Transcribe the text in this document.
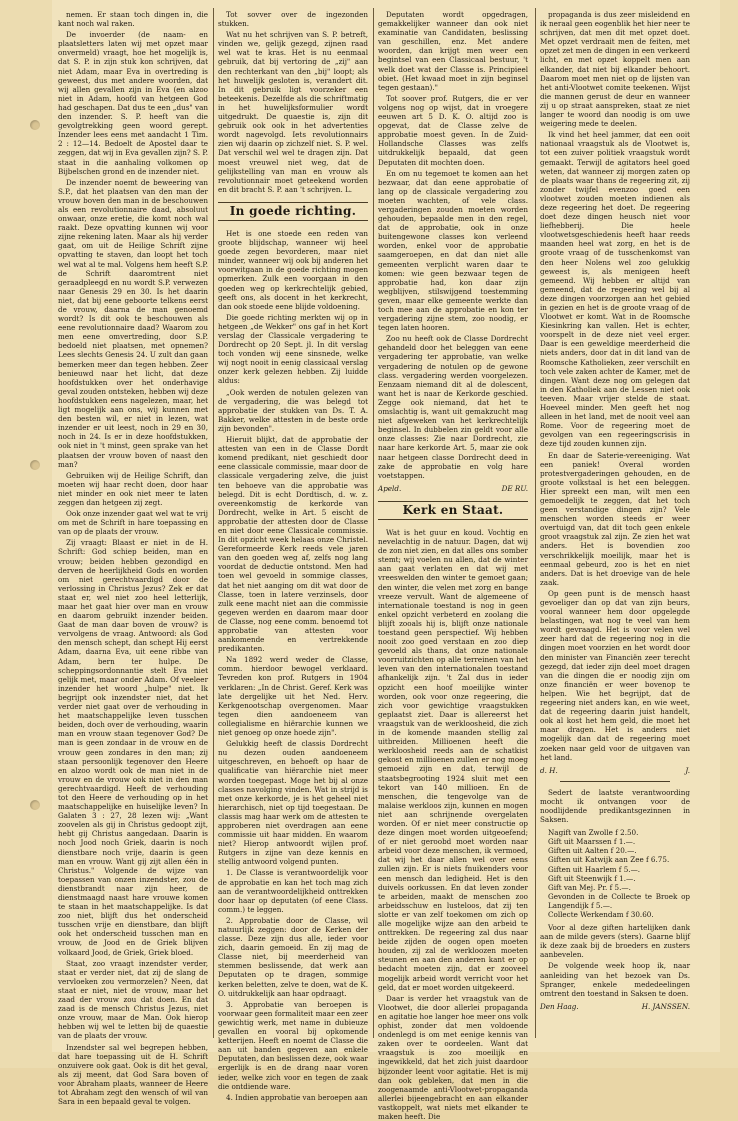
nemen. Er staan toch dingen in, die kant noch wal raken.

De invoerder (de naam- en plaatsletters laten wij met opzet maar onvermeld) vraagt, hoe het mogelijk is, dat S. P. in zijn stuk kon schrijven, dat niet Adam, maar Eva in overtreding is geweest, dus met andere woorden, dat wij allen gevallen zijn in Eva (en alzoo niet in Adam, hoofd van hetgeen God had geschapen. Dat dus te een „dus" van den inzender. S. P. heeft van die gevolgtrekking geen woord gerept. Inzender lees eens met aandacht 1 Tim. 2 : 12—14. Bedoelt de Apostel daar te zeggen, dat wij in Eva gevallen zijn? S. P. staat in die aanhaling volkomen op Bijbelschen grond en de inzender niet.

De inzender noemt de beweering van S.P., dat het plaatsen van den man der vrouw boven den man in de beschouwen als een revolutionnaire daad, absoluut onwaar, onze eretie, die komt noch wal raakt. Deze opvatting kunnen wij voor zijne rekening laten. Maar als hij verder gaat, om uit de Heilige Schrift zijne opvatting te staven, dan loopt het toch wel wat al te mal. Volgens hem heeft S.P. de Schrift daaromtrent niet geraadpleegd en nu wordt S.P. verwezen naar Genesis 29 en 30. Is het daarin niet, dat bij eene geboorte telkens eerst de vrouw, daarna de man genoemd wordt? Is dit ook te beschouwen als eene revolutionnaire daad? Waarom zou men eene omvertreding, door S.P. bedoeld niet plaatsen, met opnemen? Lees slechts Genesis 24. U zult dan gaan bemerken meer dan tegen hebben. Zeer benieuwd naar het licht, dat deze hoofdstukken over het onderhavige geval zouden ontsteken, hebben wij deze hoofdstukken eens nagelezen, maar, het ligt mogelijk aan ons, wij kunnen met den besten wil, er niet in lezen, wat inzender er uit leest, noch in 29 en 30, noch in 24. Is er in deze hoofdstukken, ook niet in 't minst, geen sprake van het plaatsen der vrouw boven of naast den man?

Gebruiken wij de Heilige Schrift, dan moeten wij haar recht doen, door haar niet minder en ook niet meer te laten zeggen dan hetgeen zij zegt.

Ook onze inzender gaat wel wat te vrij om met de Schrift in hare toepassing en van op de plaats der vrouw.

Zij vraagt: Blaast er niet in de H. Schrift: God schiep beiden, man en vrouw; beiden hebben gezondigd en derven de heerlijkheid Gods en worden om niet gerechtvaardigd door de verlossing in Christus Jezus? Zek er dat staat er, wel niet zoo heel letterlijk, maar het gaat hier over man en vrouw en daarom gebruikt inzender beiden. Gaat de man daar boven de vrouw? is vervolgens de vraag. Antwoord: als God den mensch schept, dan schept Hij eerst Adam, daarna Eva, uit eene ribbe van Adam, bern ter hulpe. De scheppingsordonnantie stelt Eva niet gelijk met, maar onder Adam. Of veeleer inzender het woord „hulpe" niet. Ik begrijpt ook inzendster niet, dat het verder niet gaat over de verhouding in het maatschappelijke leven tusschen beiden, doch over de verhouding, waarin man en vrouw staan tegenover God? De man is geen zondaar in de vrouw en de vrouw geen zondares in den man; zij staan persoonlijk tegenover den Heere en alzoo wordt ook de man niet in de vrouw en de vrouw ook niet in den man gerechtvaardigd. Heeft de verhouding tot den Heere de verhouding op in het maatschappelijke en huiselijke leven? In Galaten 3 : 27, 28 lezen wij: „Want zoovelen als gij in Christus gedoopt zijt, hebt gij Christus aangedaan. Daarin is noch Jood noch Griek, daarin is noch dienstbare noch vrije, daarin is geen man en vrouw. Want gij zijt allen één in Christus." Volgende de wijze van toepassen van onzen inzendster, zou de dienstbrandt naar zijn heer, de dienstmaagd naast hare vrouwe komen te staan in het maatschappelijke. Is dat zoo niet, blijft dus het onderscheid tusschen vrije en dienstbare, dan blijft ook het onderscheid tusschen man en vrouw, de Jood en de Griek blijven volkaard Jood, de Griek, Griek bloed.

Staat, zoo vraagt inzendster verder, staat er verder niet, dat zij de slang de vervloeken zou vermorzelen? Neen, dat staat er niet, niet de vrouw, maar het zaad der vrouw zou dat doen. En dat zaad is de mensch Christus Jezus, niet onze vrouw, maar de Man. Ook hierop hebben wij wel te letten bij de quaestie van de plaats der vrouw.

Inzendster sal wel begrepen hebben, dat hare toepassing uit de H. Schrift onzuivere ook gaat. Ook is dit het geval, als zij meent, dat God Sara boven of voor Abraham plaats, wanneer de Heere tot Abraham zegt den wensch of wil van Sara in een bepaald geval te volgen.

Tot sovver over de ingezonden stukken.

Wat nu het schrijven van S. P. betreft, vinden we, gelijk gezegd, zijnen raad wel wat te kras. Het is nu eenmaal gebruik, dat bij vertoring de „zij" aan den rechterkant van den „bij" loopt; als het huwelijk gesloten is, verandert dit. In dit gebruik ligt voorzeker een beteekenis. Dezelfde als die schriftmatig in het huwelijksformulier wordt uitgedrukt. De quaestie is, zijn dit gebruik ook ook in het advertenties wordt nagevolgd. Iets revolutionnairs zien wij daarin op zichzelf niet. S. P. wel. Dat verschil wel wel te dragen zijn. Dat moest vreuwel niet weg, dat de gelijkstelling van man en vrouw als revolutionnair moet geteekend worden en dit bracht S. P. aan 't schrijven. L.

In goede richting.

Het is one stoede een reden van groote blijdschap, wanneer wij heel goede zegen bevorderen, maar niet minder, wanneer wij ook bij anderen het voorwitgaan in de goede richting mogen opmerken. Zulk een voorgaan in den goeden weg op kerkrechtelijk gebied, geeft ons, als docent in het kerkrecht, dan ook stoede eene blijde voldoening.

Die goede richting merkten wij op in hetgeen „de Wekker" ons gaf in het Kort verslag der Classicale vergadering te Dordrecht op 20 Sept. jl. In dit verslag toch vonden wij eene sinsnede, welke wij nogt nooit in eenig classicaal verslag onzer kerk gelezen hebben. Zij luidde aldus:

„Ook werden de notulen gelezen van de vergadering, die was belegd tot approbatie der stukken van Ds. T. A. Bakker, welke attesten in de beste orde zijn bevonden".

Hieruit blijkt, dat de approbatie der attesten van een in de Classe Dordt komend predikant, niet geschiedt door eene classicale commissie, maar door de classicale vergadering zelve, die juist ten behoeve van die approbatie was belegd. Dit is echt Dordtisch, d. w. z. overeenkomstig de kerkorde van Dordrecht, welke in Art. 5 eischt de approbatie der attesten door de Classe en niet door eene Classicale commissie. In dit opzicht week helaas onze Christel. Gereformeerde Kerk reeds vele jaren van den goeden weg af, zelfs nog lang voordat de deductie ontstond. Men had toen wel gevoeld in sommige classes, dat het niet aanging om dit wat door de Classe, toen in latere verzinsels, door zulk eene macht niet aan die commissie gegeven werden en daarom maar door de Classe, nog eene comm. benoemd tot approbatie van attesten voor aankomende en vertrekkende predikanten.

Na 1892 werd weder de Classe, comm. hierdoor bewogel verklaard. Tevreden kon prof. Rutgers in 1904 verklaren: „In de Christ. Geref. Kerk was late dergelijke uit het Ned. Herv. Kerkgenootschap overgenomen. Maar tegen dien aandoeneem van collegialisme en hiërarchie kunnen we niet genoeg op onze hoede zijn".

Gelukkig heeft de classis Dordrecht nu dezen ouden aandoeneem uitgeschreven, en behoeft op haar de qualificatie van hiërarchie niet meer worden toegepast. Moge het bij al onze classes navolging vinden. Wat in strijd is met onze kerkorde, je is het geheel niet hierarchisch, niet op tijd toegestaan. De classis mag haar werk om de attesten te approberen niet overdragen aan eene commissie uit haar midden. En waarom niet? Hierop antwoordt wijlen prof. Rutgers in zijne van deze kennis en stellig antwoord volgend punten.

1. De Classe is verantwoordelijk voor de approbatie en kan het toch mag zich aan de verantwoordelijkheid onttrekken door haar op deputaten (of eene Class. comm.) te leggen.

2. Approbatie door de Classe, wil natuurlijk zeggen: door de Kerken der classe. Deze zijn dus alle, ieder voor zich, daarin gemoeid. En zij mag de Classe niet, bij meerderheid van stemmen beslissende, dat werk aan Deputaten op te dragen, sommige kerken beletten, zelve te doen, wat de K. O. uitdrukkelijk aan haar opdraagt.

3. Approbatie van beroepen is voorwaar geen formaliteit maar een zeer gewichtig werk, met name in dubieuze gevallen en vooral bij opkomende ketterijen. Heeft en noemt de Classe die aan uit banden gegeven aan enkele Deputaten, dan beslissen deze, ook waar ergerlijk is en de drang naar voren ieder, welke zich voor en tegen de zaak die ontdiende ware.

4. Indien approbatie van beroepen aan

Deputaten wordt opgedragen, gemakkelijker wanneer dan ook niet examinatie van Candidaten, beslissing van geschillen, enz. Met andere woorden, dan krijgt men weer een begintsel van een Classicaal bestuur, 't welk doet wat der Classe is. Principieel obiet. (Het kwaad moet in zijn beginsel tegen gestaan)."

Tot soover prof. Rutgers, die er ver volgens nog op wijst, dat in vroegere eeuwen art 5 D. K. O. altijd zoo is opgevat, dat de Classe zelve de approbatie moest geven. In de Zuid-Hollandsche Classes was zelfs uitdrukkelijk bepaald, dat geen Deputaten dit mochten doen.

En om nu tegemoet te komen aan het bezwaar, dat dan eene approbatie of lang op de classicale vergadering zou moeten wachten, of vele class. vergaderingen zouden moeten worden gehouden, bepaalde men in den regel, dat de approbatie, ook in onze buitengewone classes kon verleend worden, enkel voor de approbatie saamgeroepen, en dat dan niet alle gemeenten verplicht waren daar te komen: wie geen bezwaar tegen de approbatie had, kon daar zijn wegblijven, stilswijgend toestemming geven, maar elke gemeente werkte dan toch mee aan de approbatie en kon ter vergadering zijne stem, zoo noodig, er tegen laten hooren.

Zoo nu heeft ook de Classe Dordrecht gehandeld door het beleggen van eene vergadering ter approbatie, van welke vergadering de notulen op de gewone class. vergadering werden voorgelezen. Eenzaam niemand dit al de dolescent, want het is naar de Kerkorde geschied. Zegge ook niemand, dat het te omslachtig is, want uit gemakzucht mag niet afgeweken van het kerkrechtelijk beginsel. In dubbelen zin geldt voor alle onze classes: Zie naar Dordrecht, zie naar hare kerkorde Art. 5, maar zie ook naar hetgeen classe Dordrecht deed in zake de approbatie en volg hare voetstappen.

Apeld.	DE RU.
Kerk en Staat.

Wat is het guur en koud. Vochtig en nevelachtig in de natuur. Dagen, dat wij de zon niet zien, en dat alles ons somber stemt; wij voelen nu allen, dat de winter aan gaat verlaten en dat wij met vreeswelden den winter te gemoet gaan; den winter, die velen met zorg en bange vreeze vervult. Want de algemeene of internationale toestand is nog in geen enkel opzicht verbeterd en zoolang die blijft zooals hij is, blijft onze nationale toestand geen perspectief. Wij hebben nooit zoo goed verstaan en zoo diep gevoeld als thans, dat onze nationale voorruitzichten op alle terreinen van het leven van den internationalen toestand afhankelijk zijn. 't Zal dus in ieder opzicht een hoof moeilijke winter worden, ook voor onze regeering, die zich voor gewichtige vraagstukken geplaatst ziet. Daar is allereerst het vraagstuk van de werkloosheid, die zich in de komende maanden stellig zal uitbreiden. Millioenen heeft die werkloosheid reeds aan de schatkist gekost en millioenen zullen er nog moeg gemoeid zijn en dat, terwijl de staatsbegrooting 1924 sluit met een tekort van 140 millioen. En de menschen, die tengevolge van de malaise werkloos zijn, kunnen en mogen niet aan schrijnende overgelaten worden. Of er niet meer constructie op deze dingen moet worden uitgeoefend; of er niet geroobd moet worden naar arbeid voor deze menschen, ik vermoed, dat wij het daar allen wel over eens zullen zijn. Er is niets fnuikenders voor een mensch dan ledigheid. Het is den duivels oorkussen. En dat leven zonder te arbeiden, maakt de menschen zoo arbeidsschuw en lusteloos, dat zij ten slotte er van zelf toekomen om zich op alle mogelijke wijze aan den arbeid te onttrekken. De regeering zal dus naar beide zijden de oogen open moeten houden, zij zal de werkloozen moeten steunen en aan den anderen kant er op bedacht moeten zijn, dat er zooveel mogelijk arbeid wordt verricht voor het geld, dat er moet worden uitgekeerd.

Daar is verder het vraagstuk van de Vlootwet, die door allerlei propaganda en agitatie hoe langer hoe meer ons volk ophist, zonder dat men voldoende ondenlegd is om met eenige kennis van zaken over te oordeelen. Want dat vraagstuk is zoo moeilijk en ingewikkeld, dat het zich juist daardoor bijzonder leent voor agitatie. Het is mij dan ook gebleken, dat men in die zoogenaamde anti-Vlootwet-propaganda allerlei bijeengebracht en aan elkander vastkoppelt, wat niets met elkander te maken heeft. Die

propaganda is dus zeer misleidend en ik neraal geen eogenblik het hier neer te schrijven, dat men dit met opzet doet. Met opzet verdraait men de feiten, met opzet zet men de dingen in een verkeerd licht, en met opzet koppelt men aan elkander, dat niet bij elkander behoort. Daarom moet men niet op de lijsten van het anti-Vlootwet comite teekenen. Wijst die mannen gerust de deur en wanneer zij u op straat aanspreken, staat ze niet langer te woord dan noodig is om uwe weigering mede te deelen.

Ik vind het heel jammer, dat een ooit nationaal vraagstuk als de Vlootwet is, tot een zuiver politiek vraagstuk wordt gemaakt. Terwijl de agitators heel goed weten, dat wanneer zij morgen zaten op de plaats waar thans de regeering zit, zij zonder twijfel evenzoo goed een vlootwet zouden moeten indienen als deze regeering het doet. De regeering doet deze dingen heusch niet voor liefhebberij. Die heele vlootwetsgeschiedenis heeft haar reeds maanden heel wat zorg, en het is de groote vraag of de tusschenkomst van den heer Nolens wel zoo gelukkig geweest is, als menigeen heeft gemeend. Wij hebben er altijd van gemeend, dat de regeering wel bij al deze dingen voorzorgen aan het gebied in gezien en het is de groote vraag of de Vlootwet er komt. Wat in de Roomsche Kiesinkring kan vallen. Het is echter, voorspelt in de deze niet veel erger. Daar is een geweldige meerderheid die niets anders, door dat in dit land van de Roomsche Katholieken, zeer verschilt en toch vele zaken achter de Kamer, met de dingen. Want deze nog om gelegen dat in den Katholiek aan de Lessen niet ook teeven. Maar vrijer stelde de staat. Hoeveel minder. Men geeft het nog alleen in het land, met de nooit veel aan Rome. Voor de regeering moet de gevolgen van een regeeringscrisis in deze tijd zouden kunnen zijn.

En daar de Saterie-vereeniging. Wat een paniek! Overal worden protestvergaderingen gehouden, en de groote volkstaal is het een beleggen. Hier spreekt een man, wilt men een gemoedelijk te zeggen, dat het toch geen verstandige dingen zijn? Vele menschen worden steeds er weer overtuigd van, dat dit toch geen enkele groot vraagstuk zal zijn. Ze zien het wat anders. Het is bovendien zoo verschrikkelijk moeilijk, maar het is eenmaal gebeurd, zoo is het en niet anders. Dat is het droevige van de hele zaak.

Op geen punt is de mensch haast gevoeliger dan op dat van zijn beurs, vooral wanneer hem door opgelegde belastingen, wat nog te veel van hem wordt gevraagd. Het is voor velen wel zeer hard dat de regeering nog in die dingen moet voorzien en het wordt door den minister van Financiën zeer terecht gezegd, dat ieder zijn deel moet dragen van die dingen die er noodig zijn om onze financiën er weer bovenop te helpen. Wie het begrijpt, dat de regeering niet anders kan, en wie weet, dat de regeering daarin juist handelt, ook al kost het hem geld, die moet het maar dragen. Het is anders niet mogelijk dan dat de regeering moet zoeken naar geld voor de uitgaven van het land.

d. H.	J.

Sedert de laatste verantwoording mocht ik ontvangen voor de noodlijdende predikantsgezinnen in Saksen.

Nagift van Zwolle f 2.50.
Gift uit Maarssen f 1.—.
Giften uit Aalten f 20.—.
Giften uit Katwijk aan Zee f 6.75.
Giften uit Haarlem f 5.—.
Gift uit Steenwijk f 1.—.
Gift van Mej. Pr. f 5.—.
Gevonden in de Collecte te Broek op Langendijk f 5.—.
Collecte Werkendam f 30.60.

Voor al deze giften hartelijken dank aan de milde gevers (sters). Gaarne blijf ik deze zaak bij de broeders en zusters aanbevelen.

De volgende week hoop ik, naar aanleiding van het bezoek van Ds. Spranger, enkele mededeelingen omtrent den toestand in Saksen te doen.

Den Haag.	H. JANSSEN.
